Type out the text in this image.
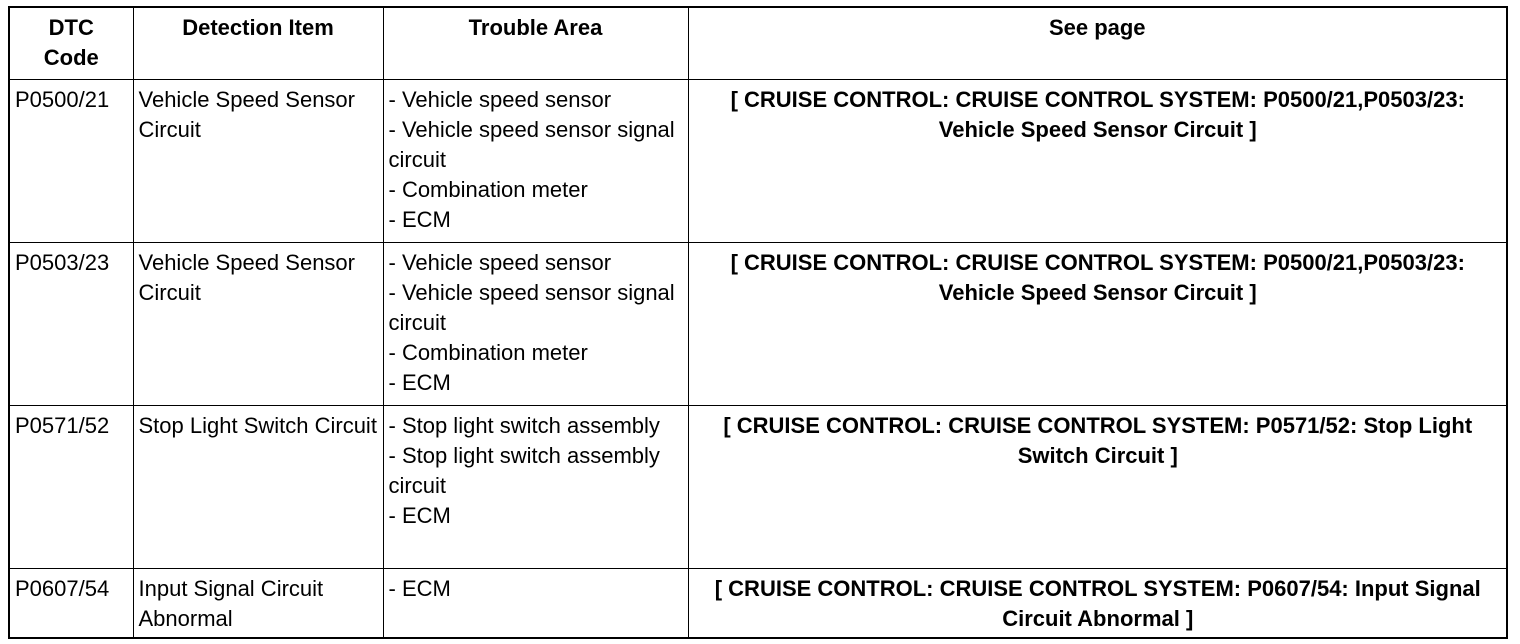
DTC
Code	Detection Item	Trouble Area	See page
P0500/21	Vehicle Speed Sensor Circuit	- Vehicle speed sensor
- Vehicle speed sensor signal circuit
- Combination meter
- ECM	[ CRUISE CONTROL: CRUISE CONTROL SYSTEM: P0500/21,P0503/23: Vehicle Speed Sensor Circuit ]
P0503/23	Vehicle Speed Sensor Circuit	- Vehicle speed sensor
- Vehicle speed sensor signal circuit
- Combination meter
- ECM	[ CRUISE CONTROL: CRUISE CONTROL SYSTEM: P0500/21,P0503/23: Vehicle Speed Sensor Circuit ]
P0571/52	Stop Light Switch Circuit	- Stop light switch assembly
- Stop light switch assembly circuit
- ECM	[ CRUISE CONTROL: CRUISE CONTROL SYSTEM: P0571/52: Stop Light Switch Circuit ]
P0607/54	Input Signal Circuit Abnormal	- ECM	[ CRUISE CONTROL: CRUISE CONTROL SYSTEM: P0607/54: Input Signal Circuit Abnormal ]
